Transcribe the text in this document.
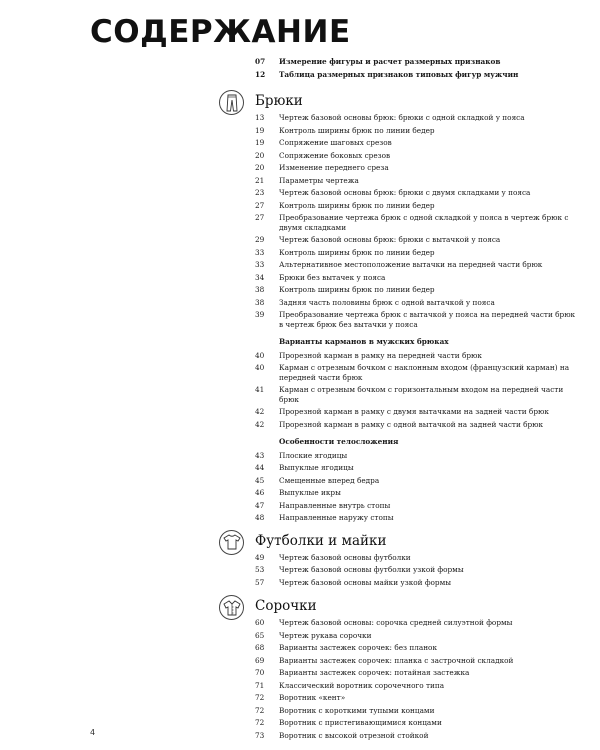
СОДЕРЖАНИЕ
07	Измерение фигуры и расчет размерных признаков
12	Таблица размерных признаков типовых фигур мужчин
Брюки
13	Чертеж базовой основы брюк: брюки с одной складкой у пояса
19	Контроль ширины брюк по линии бедер
19	Сопряжение шаговых срезов
20	Сопряжение боковых срезов
20	Изменение переднего среза
21	Параметры чертежа
23	Чертеж базовой основы брюк: брюки с двумя складками у пояса
27	Контроль ширины брюк по линии бедер
27	Преобразование чертежа брюк с одной складкой у пояса в чертеж брюк с двумя складками
29	Чертеж базовой основы брюк: брюки с вытачкой у пояса
33	Контроль ширины брюк по линии бедер
33	Альтернативное местоположение вытачки на передней части брюк
34	Брюки без вытачек у пояса
38	Контроль ширины брюк по линии бедер
38	Задняя часть половины брюк с одной вытачкой у пояса
39	Преобразование чертежа брюк с вытачкой у пояса на передней части брюк в чертеж брюк без вытачки у пояса
Варианты карманов в мужских брюках
40	Прорезной карман в рамку на передней части брюк
40	Карман с отрезным бочком с наклонным входом (французский карман) на передней части брюк
41	Карман с отрезным бочком с горизонтальным входом на передней части брюк
42	Прорезной карман в рамку с двумя вытачками на задней части брюк
42	Прорезной карман в рамку с одной вытачкой на задней части брюк
Особенности телосложения
43	Плоские ягодицы
44	Выпуклые ягодицы
45	Смещенные вперед бедра
46	Выпуклые икры
47	Направленные внутрь стопы
48	Направленные наружу стопы
Футболки и майки
49	Чертеж базовой основы футболки
53	Чертеж базовой основы футболки узкой формы
57	Чертеж базовой основы майки узкой формы
Сорочки
60	Чертеж базовой основы: сорочка средней силуэтной формы
65	Чертеж рукава сорочки
68	Варианты застежек сорочек: без планок
69	Варианты застежек сорочек: планка с застрочной складкой
70	Варианты застежек сорочек: потайная застежка
71	Классический воротник сорочечного типа
72	Воротник «кент»
72	Воротник с короткими тупыми концами
72	Воротник с пристегивающимися концами
73	Воротник с высокой отрезной стойкой
4
